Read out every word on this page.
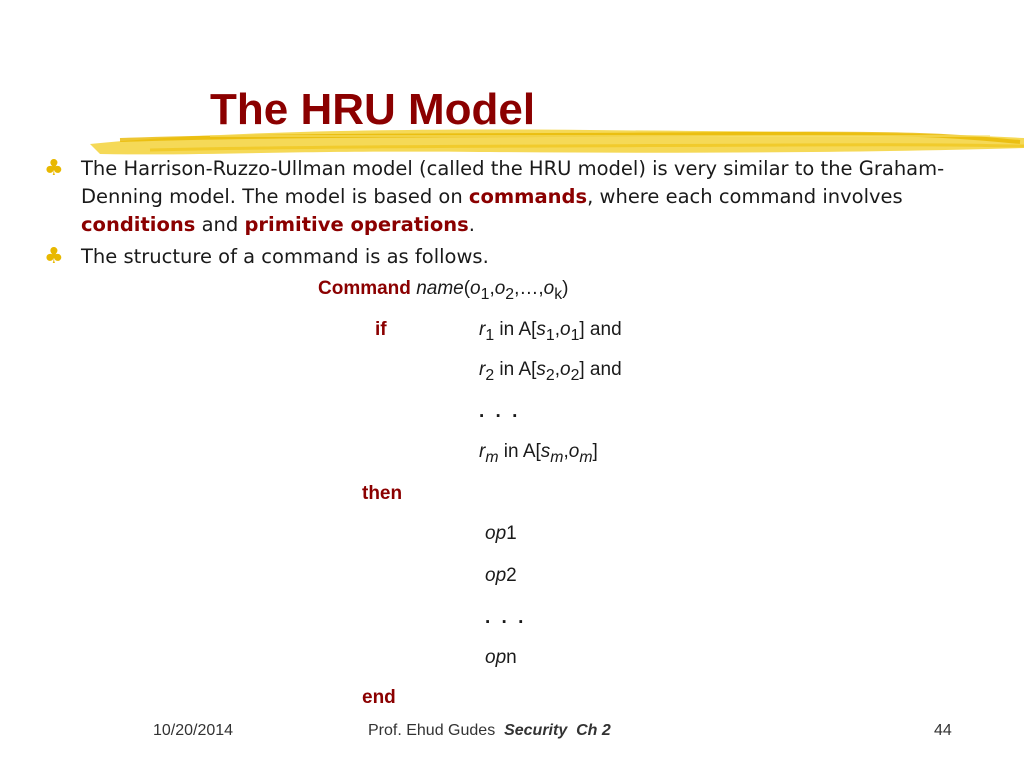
The HRU Model
♣ The Harrison-Ruzzo-Ullman model (called the HRU model) is very similar to the Graham-Denning model. The model is based on commands, where each command involves conditions and primitive operations.
♣ The structure of a command is as follows.
Command $name(o_1,o_2,\dots,o_k)$
if	$r_1$ in $A[s_1,o_1]$ and
$r_2$ in $A[s_2,o_2]$ and
. . .
$r_m$ in $A[s_m,o_m]$
then
op1
op2
. . .
opn
end
10/20/2014	Prof. Ehud Gudes Security  Ch 2	44
